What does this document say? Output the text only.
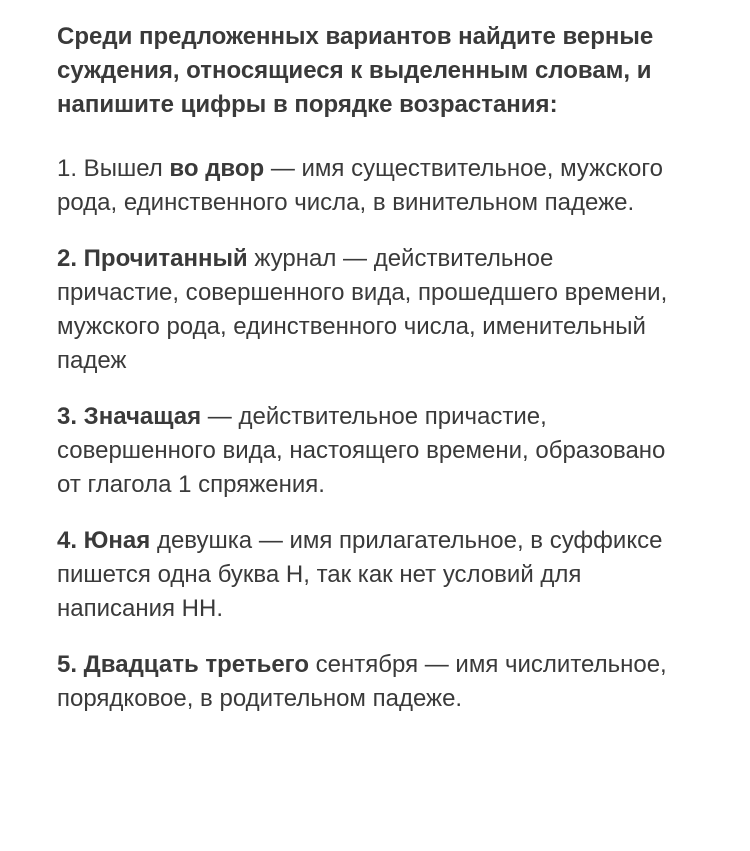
Среди предложенных вариантов найдите верные суждения, относящиеся к выделенным словам, и напишите цифры в порядке возрастания:

1. Вышел во двор — имя существительное, мужского рода, единственного числа, в винительном падеже.

2. Прочитанный журнал — действительное причастие, совершенного вида, прошедшего времени, мужского рода, единственного числа, именительный падеж

3. Значащая — действительное причастие, совершенного вида, настоящего времени, образовано от глагола 1 спряжения.

4. Юная девушка — имя прилагательное, в суффиксе пишется одна буква Н, так как нет условий для написания НН.

5. Двадцать третьего сентября — имя числительное, порядковое, в родительном падеже.
